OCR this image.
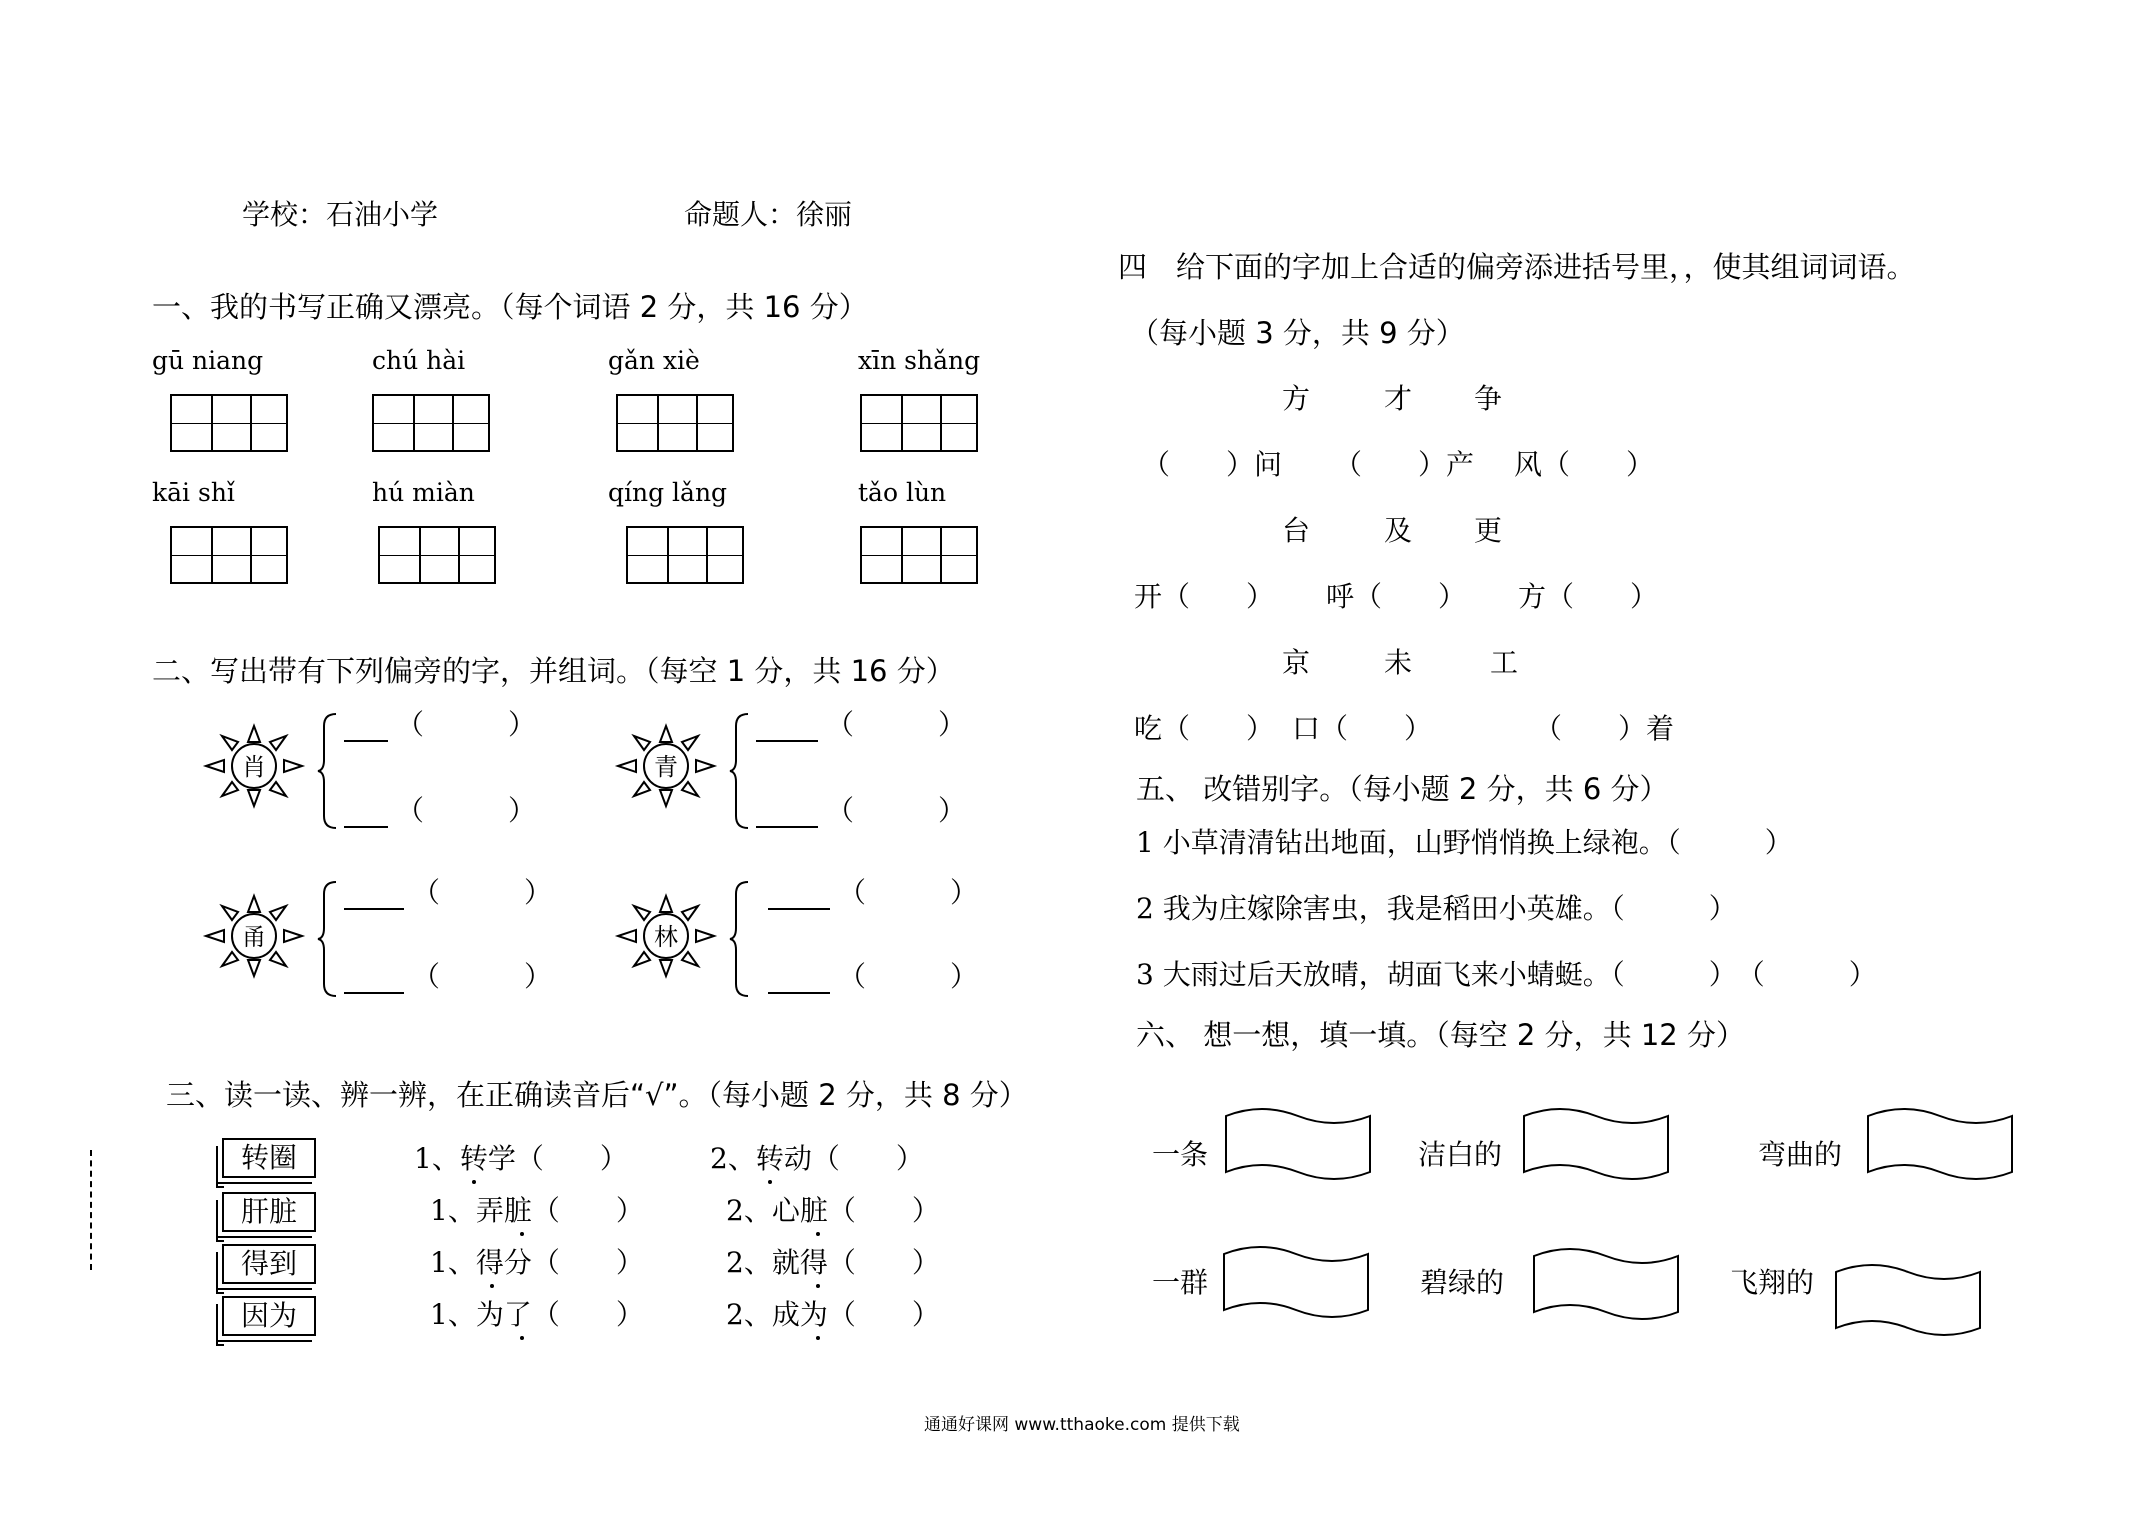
学校：石油小学	命题人：徐丽
一、我的书写正确又漂亮。（每个词语 2 分，共 16 分）
gū niang	chú hài	gǎn xiè	xīn shǎng
kāi shǐ	hú miàn	qíng lǎng	tǎo lùn
二、写出带有下列偏旁的字，并组词。（每空 1 分，共 16 分）
肖
（　　　）
（　　　）
青
（　　　）
（　　　）
甬
（　　　）
（　　　）
林
（　　　）
（　　　）
三、读一读、辨一辨，在正确读音后“√”。（每小题 2 分，共 8 分）
转圈	1、转学（　　）	2、转动（　　）
肝脏	1、弄脏（　　）	2、心脏（　　）
得到	1、得分（　　）	2、就得（　　）
因为	1、为了（　　）	2、成为（　　）
四　给下面的字加上合适的偏旁添进括号里，，使其组词词语。
（每小题 3 分，共 9 分）
方	才 争
（　　）问 （　　）产 风（　　）
台	及 更
开（　　） 呼（　　） 方（　　）
京	未	工
吃（　　） 口（　　）	（　　）着
五、 改错别字。（每小题 2 分，共 6 分）
1 小草清清钻出地面，山野悄悄换上绿袍。（　　　）
2 我为庄嫁除害虫，我是稻田小英雄。（　　　）
3 大雨过后天放晴，胡面飞来小蜻蜓。（　　　）　（　　　）
六、 想一想，填一填。（每空 2 分，共 12 分）
一条	洁白的	弯曲的
一群	碧绿的	飞翔的
通通好课网 www.tthaoke.com 提供下载
